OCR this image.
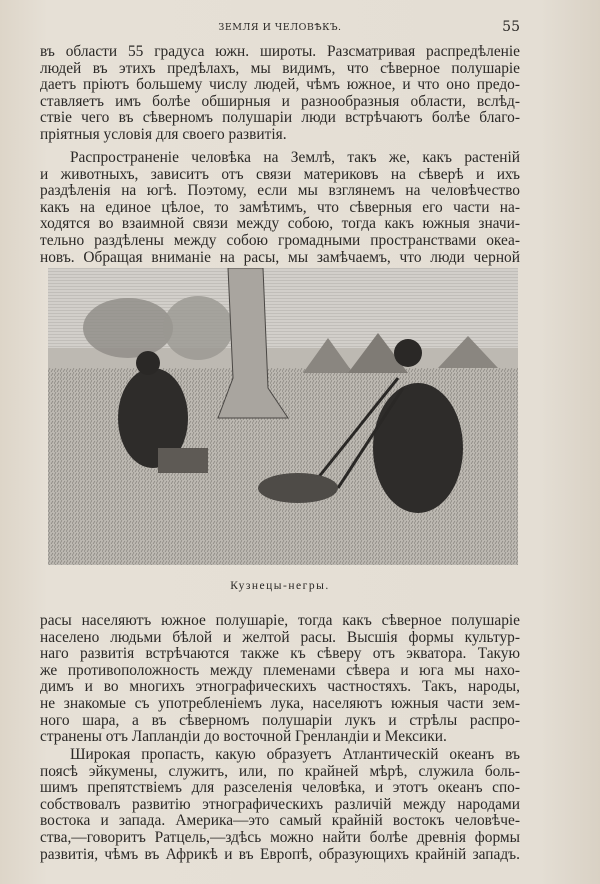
ЗЕМЛЯ И ЧЕЛОВѢКЪ.	55
въ области 55 градуса южн. широты. Разсматривая распредѣленіе
людей въ этихъ предѣлахъ, мы видимъ, что сѣверное полушаріе
даетъ пріютъ большему числу людей, чѣмъ южное, и что оно предо-
ставляетъ имъ болѣе обширныя и разнообразныя области, вслѣд-
ствіе чего въ сѣверномъ полушаріи люди встрѣчаютъ болѣе благо-
пріятныя условія для своего развитія.
Распространеніе человѣка на Землѣ, такъ же, какъ растеній
и животныхъ, зависитъ отъ связи материковъ на сѣверѣ и ихъ
раздѣленія на югѣ. Поэтому, если мы взглянемъ на человѣчество
какъ на единое цѣлое, то замѣтимъ, что сѣверныя его части на-
ходятся во взаимной связи между собою, тогда какъ южныя значи-
тельно раздѣлены между собою громадными пространствами океа-
новъ. Обращая вниманіе на расы, мы замѣчаемъ, что люди черной
Кузнецы-негры.
расы населяютъ южное полушаріе, тогда какъ сѣверное полушаріе
населено людьми бѣлой и желтой расы. Высшія формы культур-
наго развитія встрѣчаются также къ сѣверу отъ экватора. Такую
же противоположность между племенами сѣвера и юга мы нахо-
димъ и во многихъ этнографическихъ частностяхъ. Такъ, народы,
не знакомые съ употребленіемъ лука, населяютъ южныя части зем-
ного шара, а въ сѣверномъ полушаріи лукъ и стрѣлы распро-
странены отъ Лапландіи до восточной Гренландіи и Мексики.
Широкая пропасть, какую образуетъ Атлантическій океанъ въ
поясѣ эйкумены, служитъ, или, по крайней мѣрѣ, служила боль-
шимъ препятствіемъ для разселенія человѣка, и этотъ океанъ спо-
собствовалъ развитію этнографическихъ различій между народами
востока и запада. Америка—это самый крайній востокъ человѣче-
ства,—говоритъ Ратцель,—здѣсь можно найти болѣе древнія формы
развитія, чѣмъ въ Африкѣ и въ Европѣ, образующихъ крайній западъ.
